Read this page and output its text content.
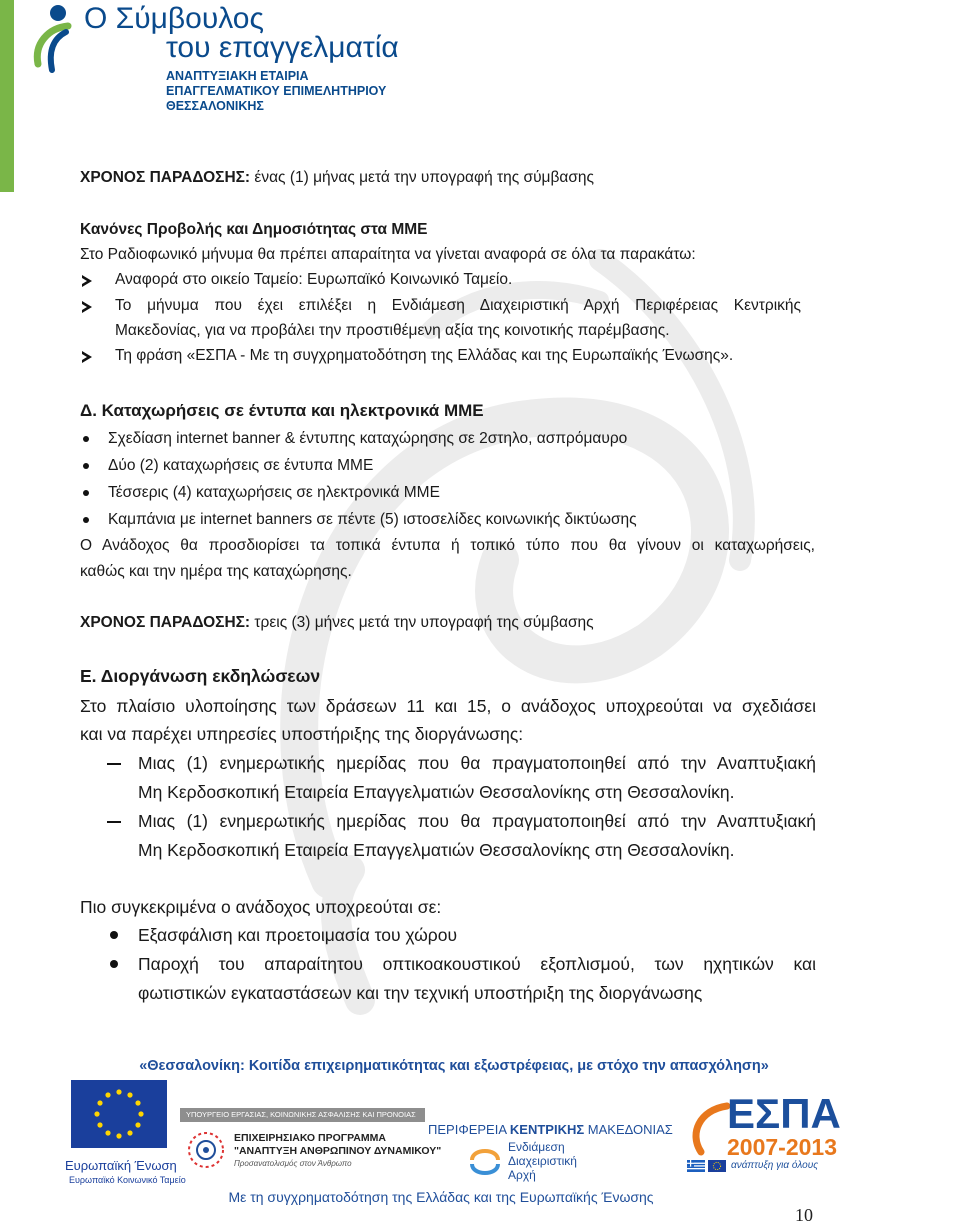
Ο Σύμβουλος
του επαγγελματία
ΑΝΑΠΤΥΞΙΑΚΗ ΕΤΑΙΡΙΑ
ΕΠΑΓΓΕΛΜΑΤΙΚΟΥ ΕΠΙΜΕΛΗΤΗΡΙΟΥ
ΘΕΣΣΑΛΟΝΙΚΗΣ
ΧΡΟΝΟΣ ΠΑΡΑΔΟΣΗΣ: ένας (1) μήνας μετά την υπογραφή της σύμβασης
Κανόνες Προβολής και Δημοσιότητας στα ΜΜΕ
Στο Ραδιοφωνικό μήνυμα θα πρέπει απαραίτητα να γίνεται αναφορά σε όλα τα παρακάτω:
Αναφορά στο οικείο Ταμείο: Ευρωπαϊκό Κοινωνικό Ταμείο.
Το μήνυμα που έχει επιλέξει η Ενδιάμεση Διαχειριστική Αρχή Περιφέρειας Κεντρικής
Μακεδονίας, για να προβάλει την προστιθέμενη αξία της κοινοτικής παρέμβασης.
Τη φράση «ΕΣΠΑ - Με τη συγχρηματοδότηση της Ελλάδας και της Ευρωπαϊκής Ένωσης».
Δ. Καταχωρήσεις σε έντυπα και ηλεκτρονικά ΜΜΕ
Σχεδίαση internet banner & έντυπης καταχώρησης σε 2στηλο, ασπρόμαυρο
Δύο (2) καταχωρήσεις σε έντυπα ΜΜΕ
Τέσσερις (4) καταχωρήσεις σε ηλεκτρονικά ΜΜΕ
Καμπάνια με internet banners σε πέντε (5) ιστοσελίδες κοινωνικής δικτύωσης
Ο Ανάδοχος θα προσδιορίσει τα τοπικά έντυπα ή τοπικό τύπο που θα γίνουν οι καταχωρήσεις,
καθώς και την ημέρα της καταχώρησης.
ΧΡΟΝΟΣ ΠΑΡΑΔΟΣΗΣ: τρεις (3) μήνες μετά την υπογραφή της σύμβασης
Ε. Διοργάνωση εκδηλώσεων
Στο πλαίσιο υλοποίησης των δράσεων 11 και 15, ο ανάδοχος υποχρεούται να σχεδιάσει
και να παρέχει υπηρεσίες υποστήριξης της διοργάνωσης:
Μιας (1) ενημερωτικής ημερίδας που θα πραγματοποιηθεί από την Αναπτυξιακή
Μη Κερδοσκοπική Εταιρεία Επαγγελματιών Θεσσαλονίκης στη Θεσσαλονίκη.
Μιας (1) ενημερωτικής ημερίδας που θα πραγματοποιηθεί από την Αναπτυξιακή
Μη Κερδοσκοπική Εταιρεία Επαγγελματιών Θεσσαλονίκης στη Θεσσαλονίκη.
Πιο συγκεκριμένα ο ανάδοχος υποχρεούται σε:
Εξασφάλιση και προετοιμασία του χώρου
Παροχή του απαραίτητου οπτικοακουστικού εξοπλισμού, των ηχητικών και
φωτιστικών εγκαταστάσεων και την τεχνική υποστήριξη της διοργάνωσης
«Θεσσαλονίκη: Κοιτίδα επιχειρηματικότητας και εξωστρέφειας, με στόχο την απασχόληση»
Ευρωπαϊκή Ένωση
Ευρωπαϊκό Κοινωνικό Ταμείο
ΥΠΟΥΡΓΕΙΟ ΕΡΓΑΣΙΑΣ, ΚΟΙΝΩΝΙΚΗΣ ΑΣΦΑΛΙΣΗΣ ΚΑΙ ΠΡΟΝΟΙΑΣ
ΕΠΙΧΕΙΡΗΣΙΑΚΟ ΠΡΟΓΡΑΜΜΑ
"ΑΝΑΠΤΥΞΗ ΑΝΘΡΩΠΙΝΟΥ ΔΥΝΑΜΙΚΟΥ"
Προσανατολισμός στον Άνθρωπο
ΠΕΡΙΦΕΡΕΙΑ ΚΕΝΤΡΙΚΗΣ ΜΑΚΕΔΟΝΙΑΣ
Ενδιάμεση
Διαχειριστική
Αρχή
ΕΣΠΑ
2007-2013
ανάπτυξη για όλους
Με τη συγχρηματοδότηση της Ελλάδας και της Ευρωπαϊκής Ένωσης
10
